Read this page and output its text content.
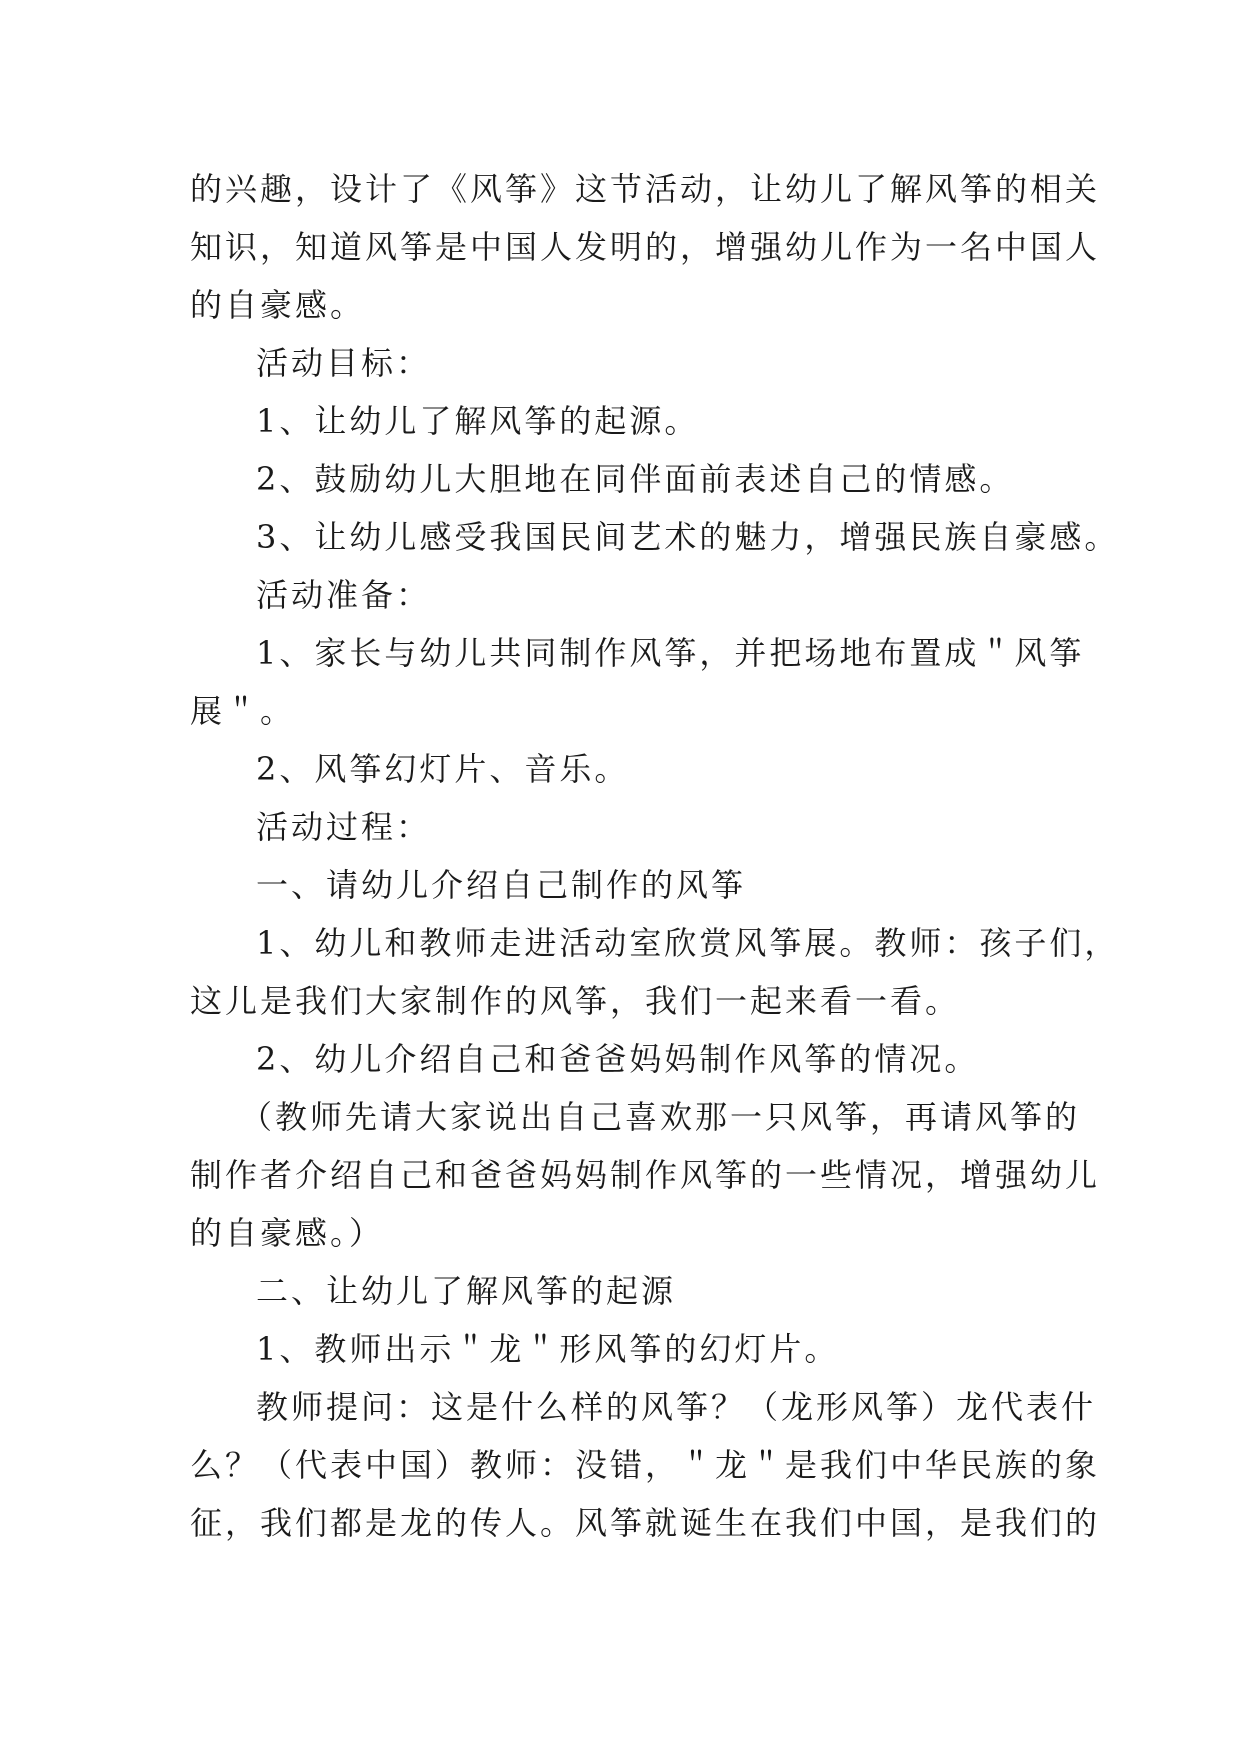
的兴趣，设计了《风筝》这节活动，让幼儿了解风筝的相关
知识，知道风筝是中国人发明的，增强幼儿作为一名中国人
的自豪感。
活动目标：
1、让幼儿了解风筝的起源。
2、鼓励幼儿大胆地在同伴面前表述自己的情感。
3、让幼儿感受我国民间艺术的魅力，增强民族自豪感。
活动准备：
1、家长与幼儿共同制作风筝，并把场地布置成＂风筝
展＂。
2、风筝幻灯片、音乐。
活动过程：
一、请幼儿介绍自己制作的风筝
1、幼儿和教师走进活动室欣赏风筝展。教师：孩子们，
这儿是我们大家制作的风筝，我们一起来看一看。
2、幼儿介绍自己和爸爸妈妈制作风筝的情况。
（教师先请大家说出自己喜欢那一只风筝，再请风筝的
制作者介绍自己和爸爸妈妈制作风筝的一些情况，增强幼儿
的自豪感。）
二、让幼儿了解风筝的起源
1、教师出示＂龙＂形风筝的幻灯片。
教师提问：这是什么样的风筝？（龙形风筝）龙代表什
么？（代表中国）教师：没错，＂龙＂是我们中华民族的象
征，我们都是龙的传人。风筝就诞生在我们中国，是我们的
